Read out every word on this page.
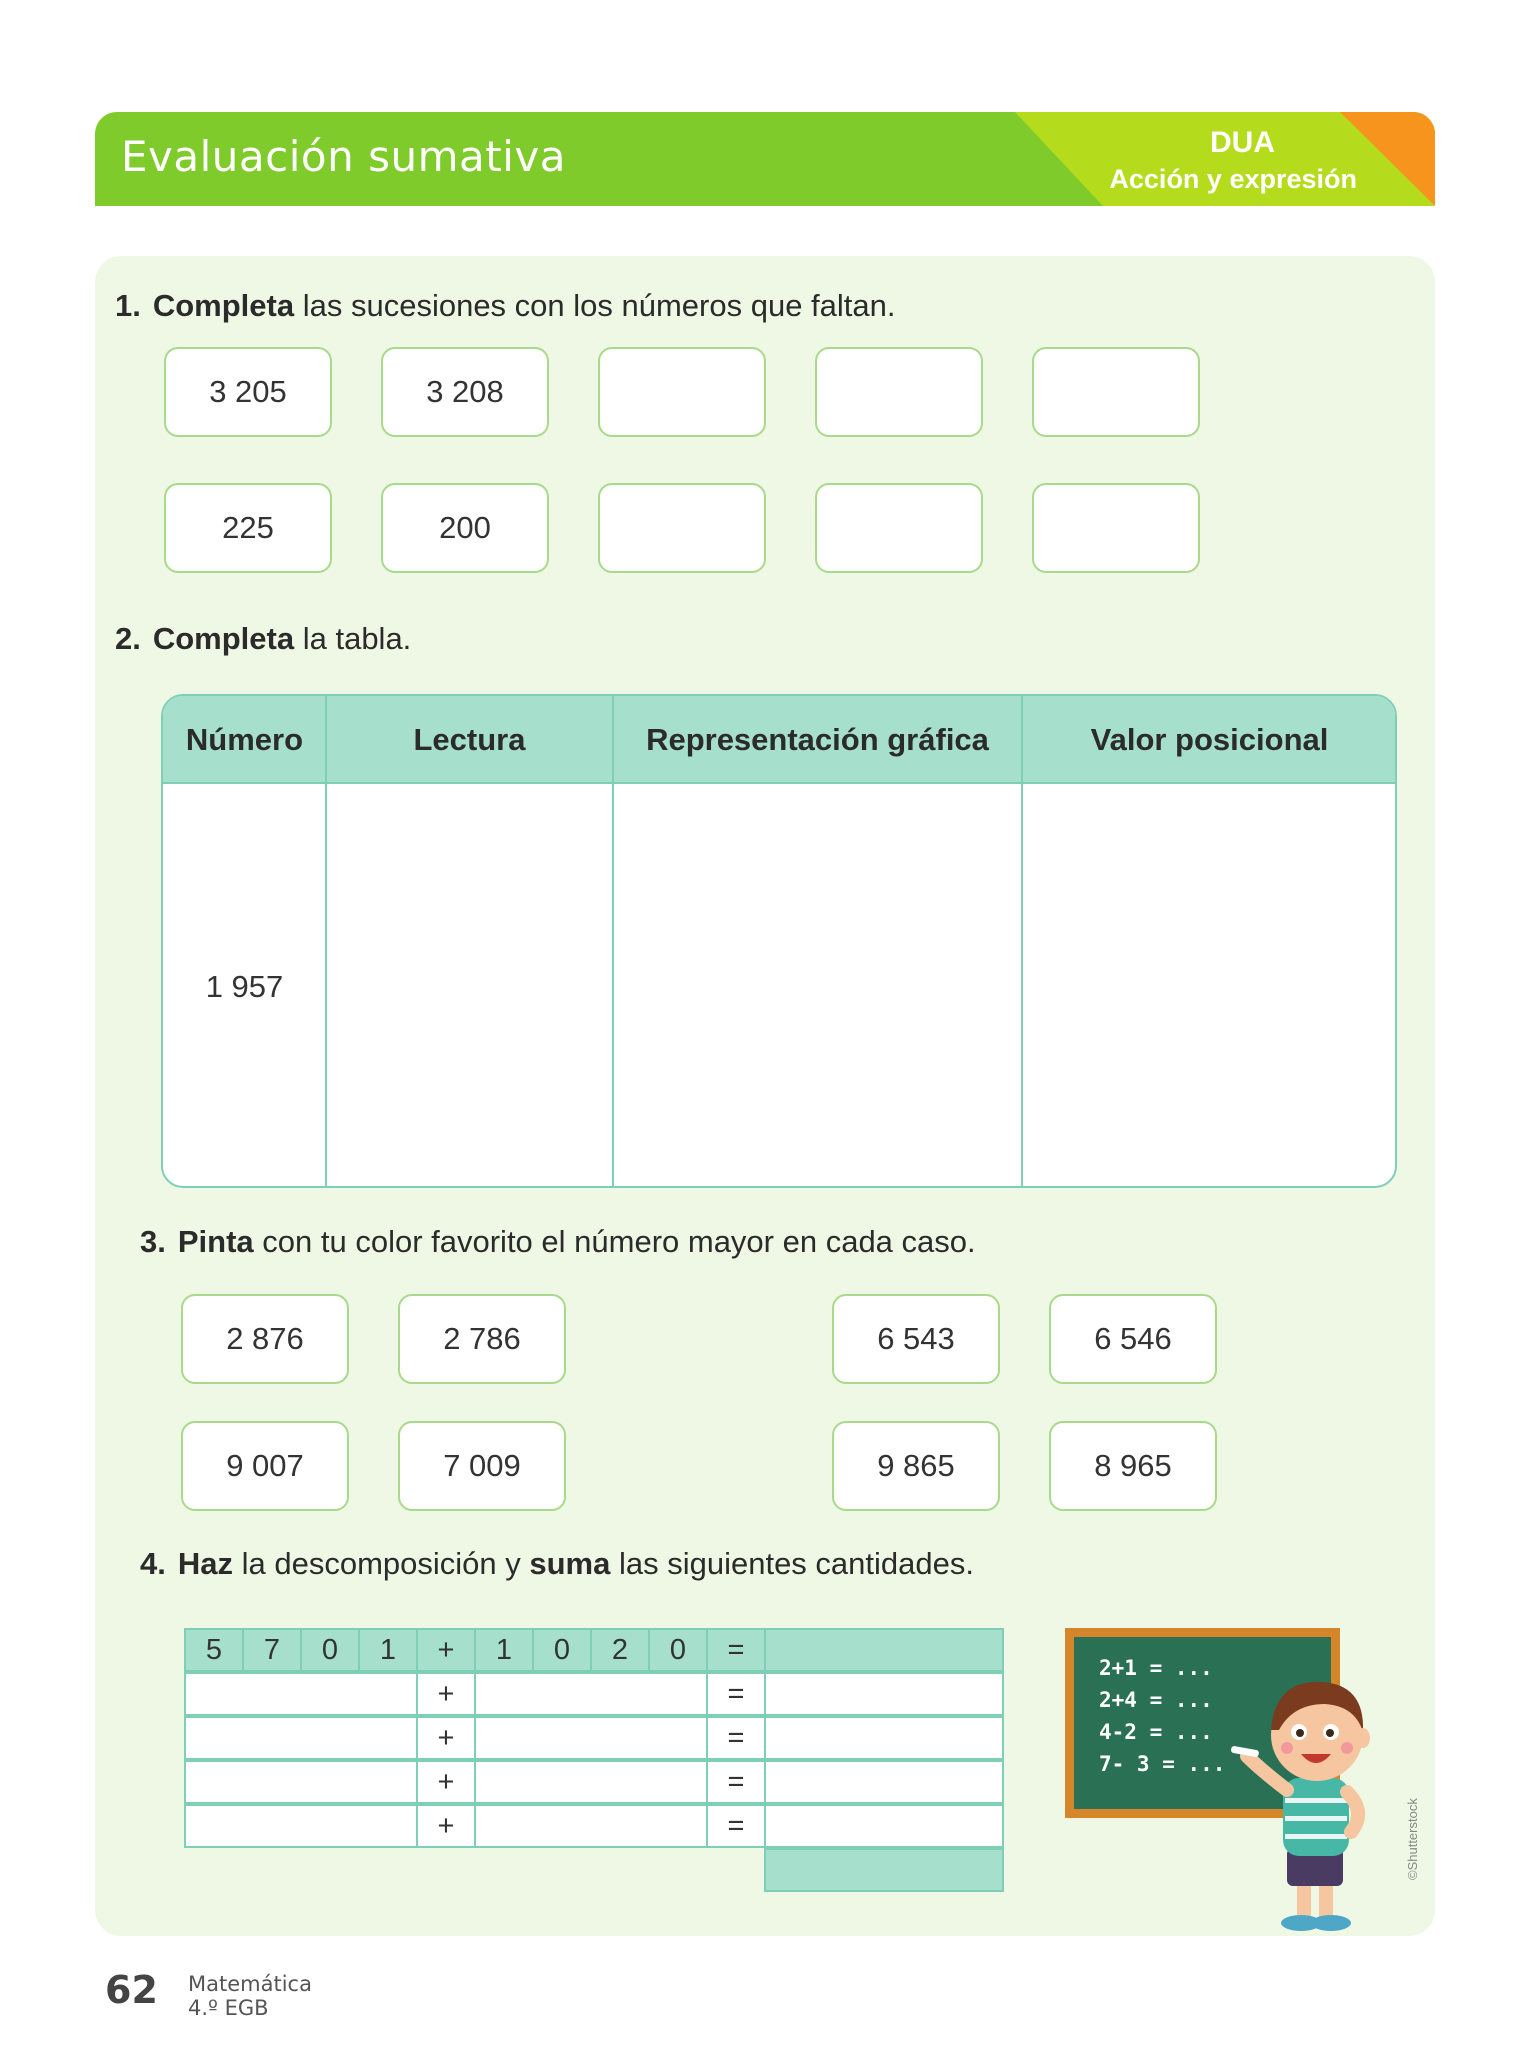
Evaluación sumativa	DUA
Acción y expresión
1. Completa las sucesiones con los números que faltan.
3 205	3 208
225	200
2. Completa la tabla.
Número	Lectura	Representación gráfica	Valor posicional
1 957
3. Pinta con tu color favorito el número mayor en cada caso.
2 876	2 786	6 543	6 546
9 007	7 009	9 865	8 965
4. Haz la descomposición y suma las siguientes cantidades.
5	7	0	1	+	1	0	2	0	=
+	=
+	=
+	=
+	=
2+1 = ...
2+4 = ...
4-2 = ...
7- 3 = ...
©Shutterstock
62 Matemática
4.º EGB
